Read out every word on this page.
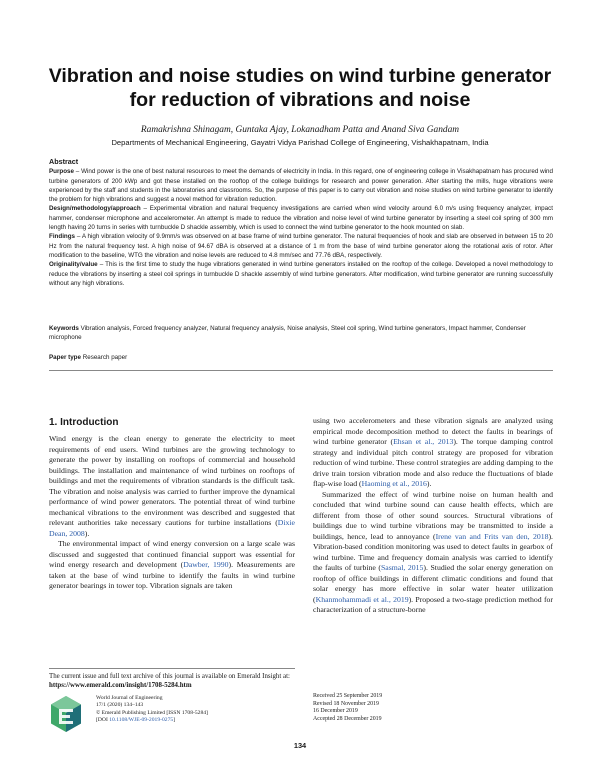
Vibration and noise studies on wind turbine generator for reduction of vibrations and noise
Ramakrishna Shinagam, Guntaka Ajay, Lokanadham Patta and Anand Siva Gandam
Departments of Mechanical Engineering, Gayatri Vidya Parishad College of Engineering, Vishakhapatnam, India
Abstract

Purpose – Wind power is the one of best natural resources to meet the demands of electricity in India. In this regard, one of engineering college in Visakhapatnam has procured wind turbine generators of 200 kWp and got these installed on the rooftop of the college buildings for research and power generation. After starting the mills, huge vibrations were experienced by the staff and students in the laboratories and classrooms. So, the purpose of this paper is to carry out vibration and noise studies on wind turbine generator to identify the problem for high vibrations and suggest a novel method for vibration reduction.

Design/methodology/approach – Experimental vibration and natural frequency investigations are carried when wind velocity around 6.0 m/s using frequency analyzer, impact hammer, condenser microphone and accelerometer. An attempt is made to reduce the vibration and noise level of wind turbine generator by inserting a steel coil spring of 300 mm length having 20 turns in series with turnbuckle D shackle assembly, which is used to connect the wind turbine generator to the hook mounted on slab.

Findings – A high vibration velocity of 9.9mm/s was observed on at base frame of wind turbine generator. The natural frequencies of hook and slab are observed in between 15 to 20 Hz from the natural frequency test. A high noise of 94.67 dBA is observed at a distance of 1 m from the base of wind turbine generator along the rotational axis of rotor. After modification to the baseline, WTG the vibration and noise levels are reduced to 4.8 mm/sec and 77.76 dBA, respectively.

Originality/value – This is the first time to study the huge vibrations generated in wind turbine generators installed on the rooftop of the college. Developed a novel methodology to reduce the vibrations by inserting a steel coil springs in turnbuckle D shackle assembly of wind turbine generators. After modification, wind turbine generator are running successfully without any high vibrations.

Keywords Vibration analysis, Forced frequency analyzer, Natural frequency analysis, Noise analysis, Steel coil spring, Wind turbine generators, Impact hammer, Condenser microphone
Paper type Research paper
1. Introduction

Wind energy is the clean energy to generate the electricity to meet requirements of end users. Wind turbines are the growing technology to generate the power by installing on rooftops of commercial and household buildings. The installation and maintenance of wind turbines on rooftops of buildings and met the requirements of vibration standards is the difficult task. The vibration and noise analysis was carried to further improve the dynamical performance of wind power generators. The potential threat of wind turbine mechanical vibrations to the environment was described and suggested that relevant authorities take necessary cautions for turbine installations (Dixie Dean, 2008).

The environmental impact of wind energy conversion on a large scale was discussed and suggested that continued financial support was essential for wind energy research and development (Dawber, 1990). Measurements are taken at the base of wind turbine to identify the faults in wind turbine generator bearings in tower top. Vibration signals are taken

using two accelerometers and these vibration signals are analyzed using empirical mode decomposition method to detect the faults in bearings of wind turbine generator (Ehsan et al., 2013). The torque damping control strategy and individual pitch control strategy are proposed for vibration reduction of wind turbine. These control strategies are adding damping to the drive train torsion vibration mode and also reduce the fluctuations of blade flap-wise load (Haoming et al., 2016).

Summarized the effect of wind turbine noise on human health and concluded that wind turbine sound can cause health effects, which are different from those of other sound sources. Structural vibrations of buildings due to wind turbine vibrations may be transmitted to inside a buildings, hence, lead to annoyance (Irene van and Frits van den, 2018). Vibration-based condition monitoring was used to detect faults in gearbox of wind turbine. Time and frequency domain analysis was carried to identify the faults of turbine (Sasmal, 2015). Studied the solar energy generation on rooftop of office buildings in different climatic conditions and found that solar energy has more effective in solar water heater utilization (Khanmohammadi et al., 2019). Proposed a two-stage prediction method for characterization of a structure-borne

The current issue and full text archive of this journal is available on Emerald Insight at: https://www.emerald.com/insight/1708-5284.htm
World Journal of Engineering
17/1 (2020) 134–143
© Emerald Publishing Limited [ISSN 1708-5284]
[DOI 10.1108/WJE-09-2019-0275]
Received 25 September 2019
Revised 18 November 2019
16 December 2019
Accepted 28 December 2019
134
